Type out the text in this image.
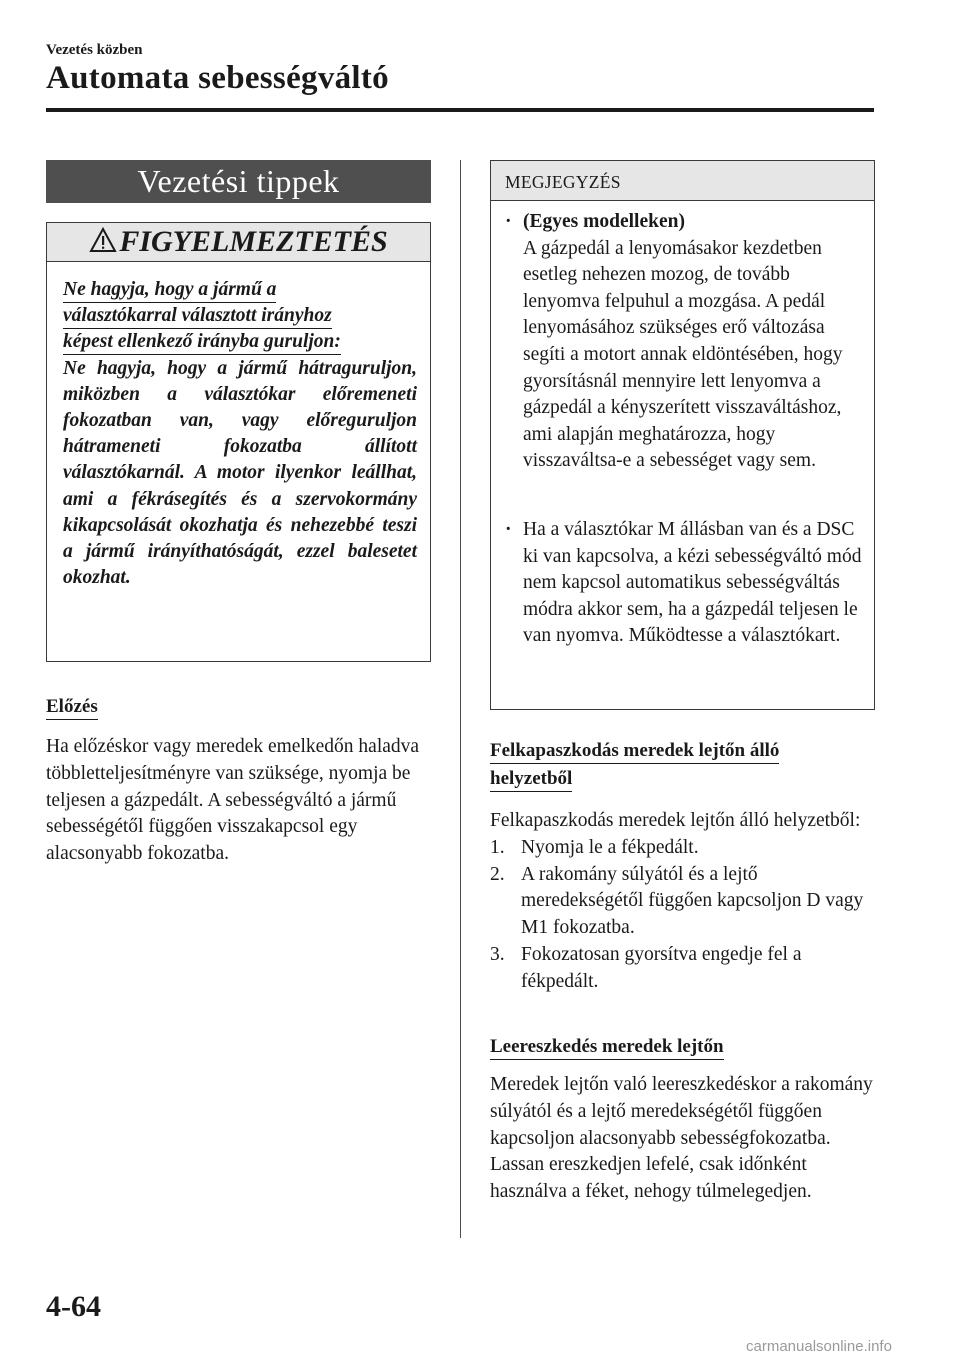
Vezetés közben
Automata sebességváltó
Vezetési tippek
FIGYELMEZTETÉS
Ne hagyja, hogy a jármű a
választókarral választott irányhoz
képest ellenkező irányba guruljon:
Ne hagyja, hogy a jármű hátraguruljon, miközben a választókar előremeneti fokozatban van, vagy előreguruljon hátrameneti fokozatba állított választókarnál. A motor ilyenkor leállhat, ami a fékrásegítés és a szervokormány kikapcsolását okozhatja és nehezebbé teszi a jármű irányíthatóságát, ezzel balesetet okozhat.
Előzés
Ha előzéskor vagy meredek emelkedőn haladva többletteljesítményre van szüksége, nyomja be teljesen a gázpedált. A sebességváltó a jármű sebességétől függően visszakapcsol egy alacsonyabb fokozatba.
MEGJEGYZÉS
· (Egyes modelleken)
A gázpedál a lenyomásakor kezdetben esetleg nehezen mozog, de tovább lenyomva felpuhul a mozgása. A pedál lenyomásához szükséges erő változása segíti a motort annak eldöntésében, hogy gyorsításnál mennyire lett lenyomva a gázpedál a kényszerített visszaváltáshoz, ami alapján meghatározza, hogy visszaváltsa-e a sebességet vagy sem.
· Ha a választókar M állásban van és a DSC ki van kapcsolva, a kézi sebességváltó mód nem kapcsol automatikus sebességváltás módra akkor sem, ha a gázpedál teljesen le van nyomva. Működtesse a választókart.
Felkapaszkodás meredek lejtőn álló
helyzetből
Felkapaszkodás meredek lejtőn álló helyzetből:
1. Nyomja le a fékpedált.
2. A rakomány súlyától és a lejtő meredekségétől függően kapcsoljon D vagy M1 fokozatba.
3. Fokozatosan gyorsítva engedje fel a fékpedált.
Leereszkedés meredek lejtőn
Meredek lejtőn való leereszkedéskor a rakomány súlyától és a lejtő meredekségétől függően kapcsoljon alacsonyabb sebességfokozatba. Lassan ereszkedjen lefelé, csak időnként használva a féket, nehogy túlmelegedjen.
4-64
carmanualsonline.info
